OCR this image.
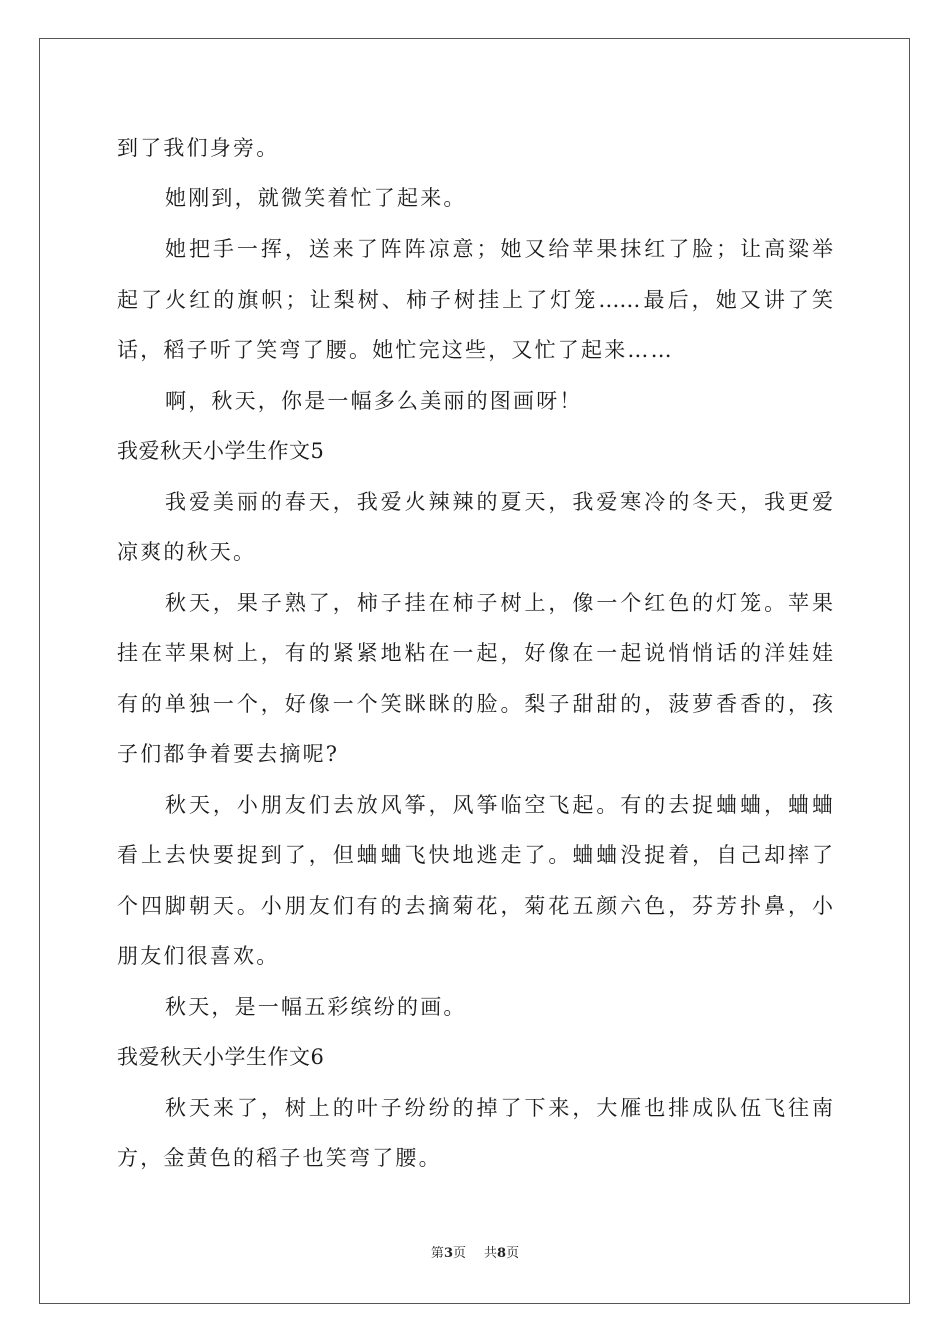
到了我们身旁。
她刚到，就微笑着忙了起来。
她把手一挥，送来了阵阵凉意；她又给苹果抹红了脸；让高粱举
起了火红的旗帜；让梨树、柿子树挂上了灯笼……最后，她又讲了笑
话，稻子听了笑弯了腰。她忙完这些，又忙了起来……
啊，秋天，你是一幅多么美丽的图画呀！
我爱秋天小学生作文5
我爱美丽的春天，我爱火辣辣的夏天，我爱寒冷的冬天，我更爱
凉爽的秋天。
秋天，果子熟了，柿子挂在柿子树上，像一个红色的灯笼。苹果
挂在苹果树上，有的紧紧地粘在一起，好像在一起说悄悄话的洋娃娃
有的单独一个，好像一个笑眯眯的脸。梨子甜甜的，菠萝香香的，孩
子们都争着要去摘呢?
秋天，小朋友们去放风筝，风筝临空飞起。有的去捉蛐蛐，蛐蛐
看上去快要捉到了，但蛐蛐飞快地逃走了。蛐蛐没捉着，自己却摔了
个四脚朝天。小朋友们有的去摘菊花，菊花五颜六色，芬芳扑鼻，小
朋友们很喜欢。
秋天，是一幅五彩缤纷的画。
我爱秋天小学生作文6
秋天来了，树上的叶子纷纷的掉了下来，大雁也排成队伍飞往南
方，金黄色的稻子也笑弯了腰。
第3页 共8页
